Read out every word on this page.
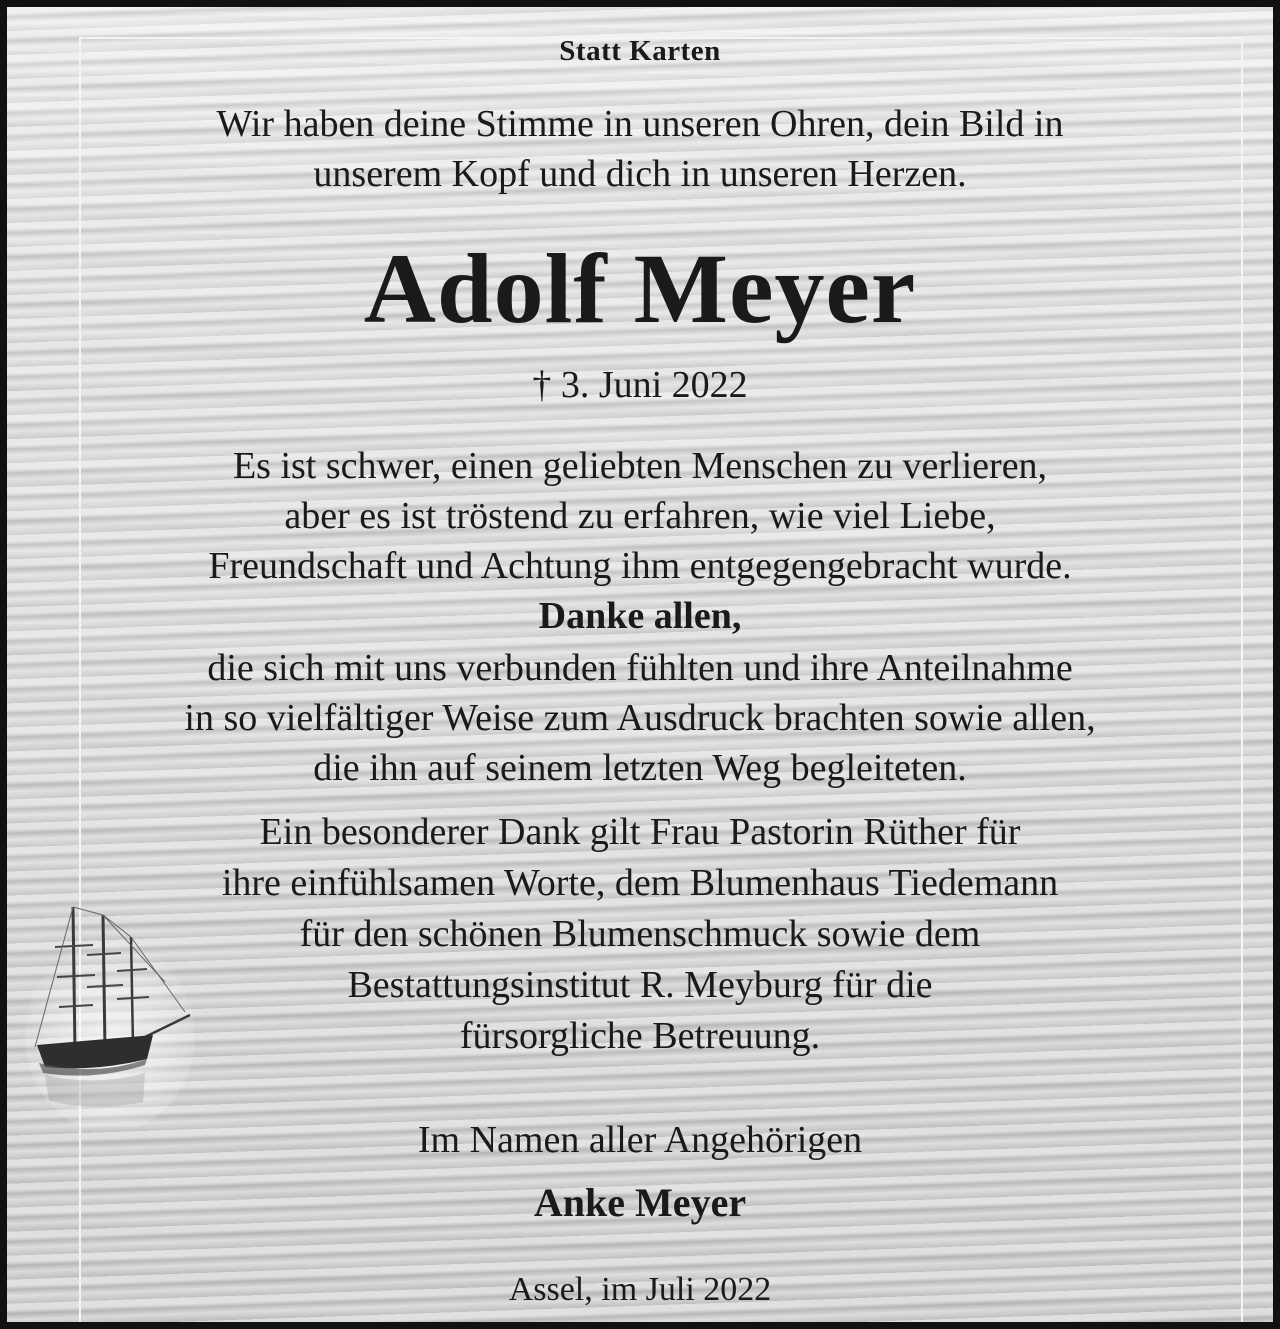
Statt Karten
Wir haben deine Stimme in unseren Ohren, dein Bild in
unserem Kopf und dich in unseren Herzen.
Adolf Meyer
† 3. Juni 2022
Es ist schwer, einen geliebten Menschen zu verlieren,
aber es ist tröstend zu erfahren, wie viel Liebe,
Freundschaft und Achtung ihm entgegengebracht wurde.
Danke allen,
die sich mit uns verbunden fühlten und ihre Anteilnahme
in so vielfältiger Weise zum Ausdruck brachten sowie allen,
die ihn auf seinem letzten Weg begleiteten.
Ein besonderer Dank gilt Frau Pastorin Rüther für
ihre einfühlsamen Worte, dem Blumenhaus Tiedemann
für den schönen Blumenschmuck sowie dem
Bestattungsinstitut R. Meyburg für die
fürsorgliche Betreuung.
Im Namen aller Angehörigen
Anke Meyer
Assel, im Juli 2022
